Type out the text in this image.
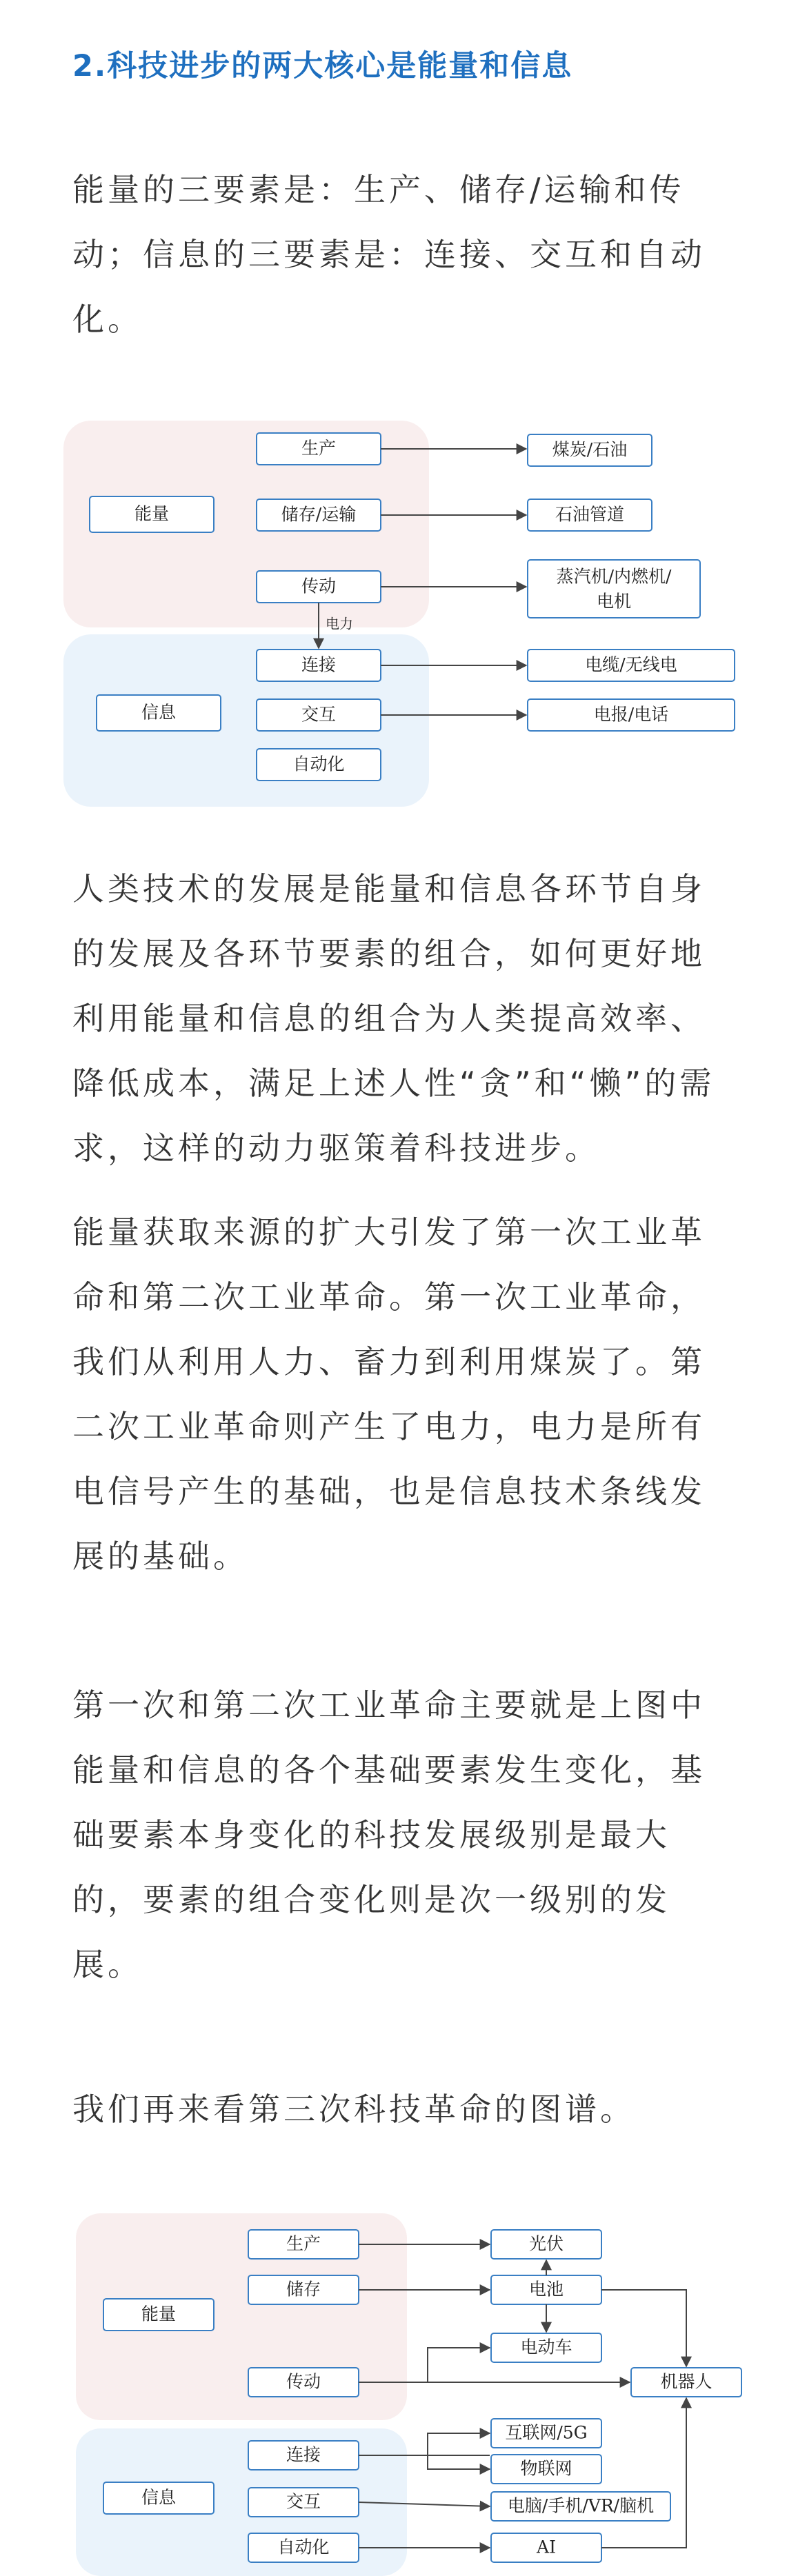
2.科技进步的两大核心是能量和信息
能量的三要素是：生产、储存/运输和传
动；信息的三要素是：连接、交互和自动
化。
能量
生产
储存/运输
传动
信息
连接
交互
自动化
煤炭/石油
石油管道
蒸汽机/内燃机/
电机
电缆/无线电
电报/电话
电力
人类技术的发展是能量和信息各环节自身
的发展及各环节要素的组合，如何更好地
利用能量和信息的组合为人类提高效率、
降低成本，满足上述人性“贪”和“懒”的需
求，这样的动力驱策着科技进步。
能量获取来源的扩大引发了第一次工业革
命和第二次工业革命。第一次工业革命，
我们从利用人力、畜力到利用煤炭了。第
二次工业革命则产生了电力，电力是所有
电信号产生的基础，也是信息技术条线发
展的基础。
第一次和第二次工业革命主要就是上图中
能量和信息的各个基础要素发生变化，基
础要素本身变化的科技发展级别是最大
的，要素的组合变化则是次一级别的发
展。
我们再来看第三次科技革命的图谱。
能量
生产
储存
传动
信息
连接
交互
自动化
光伏
电池
电动车
机器人
互联网/5G
物联网
电脑/手机/VR/脑机
AI
